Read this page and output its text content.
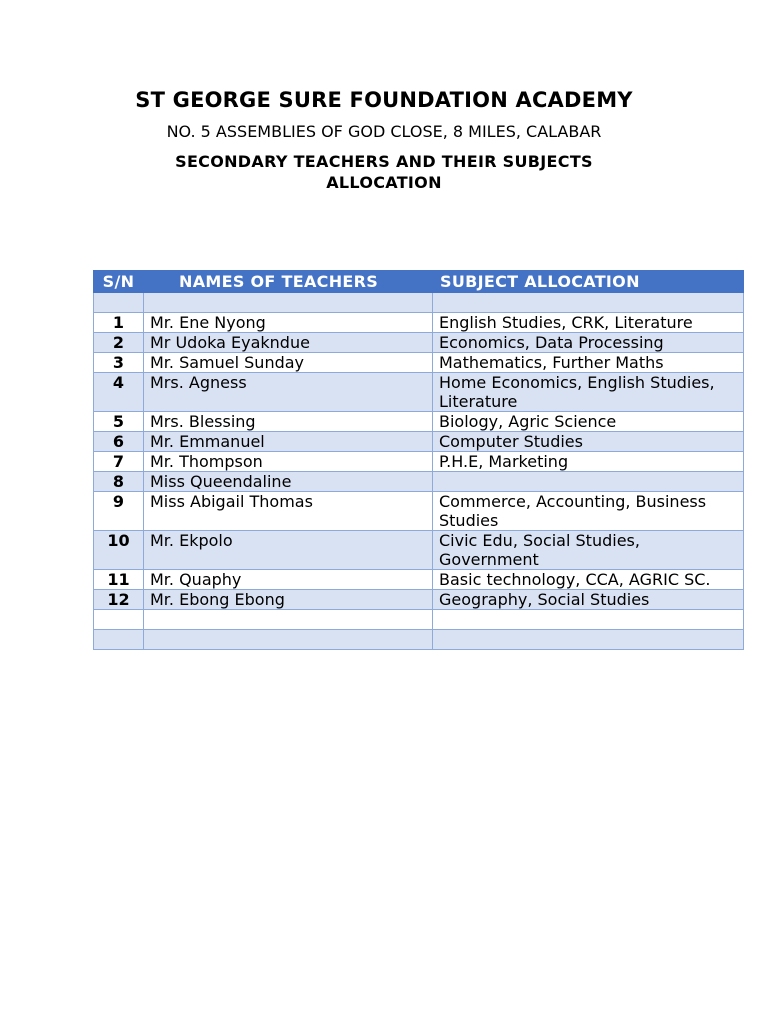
ST GEORGE SURE FOUNDATION ACADEMY
NO. 5 ASSEMBLIES OF GOD CLOSE, 8 MILES, CALABAR
SECONDARY TEACHERS AND THEIR SUBJECTS ALLOCATION
S/N	NAMES OF TEACHERS	SUBJECT ALLOCATION

1	Mr. Ene Nyong	English Studies, CRK, Literature
2	Mr Udoka Eyakndue	Economics, Data Processing
3	Mr. Samuel Sunday	Mathematics, Further Maths
4	Mrs. Agness	Home Economics, English Studies, Literature
5	Mrs. Blessing	Biology, Agric Science
6	Mr. Emmanuel	Computer Studies
7	Mr. Thompson	P.H.E, Marketing
8	Miss Queendaline	
9	Miss Abigail Thomas	Commerce, Accounting, Business Studies
10	Mr. Ekpolo	Civic Edu, Social Studies, Government
11	Mr. Quaphy	Basic technology, CCA, AGRIC SC.
12	Mr. Ebong Ebong	Geography, Social Studies
